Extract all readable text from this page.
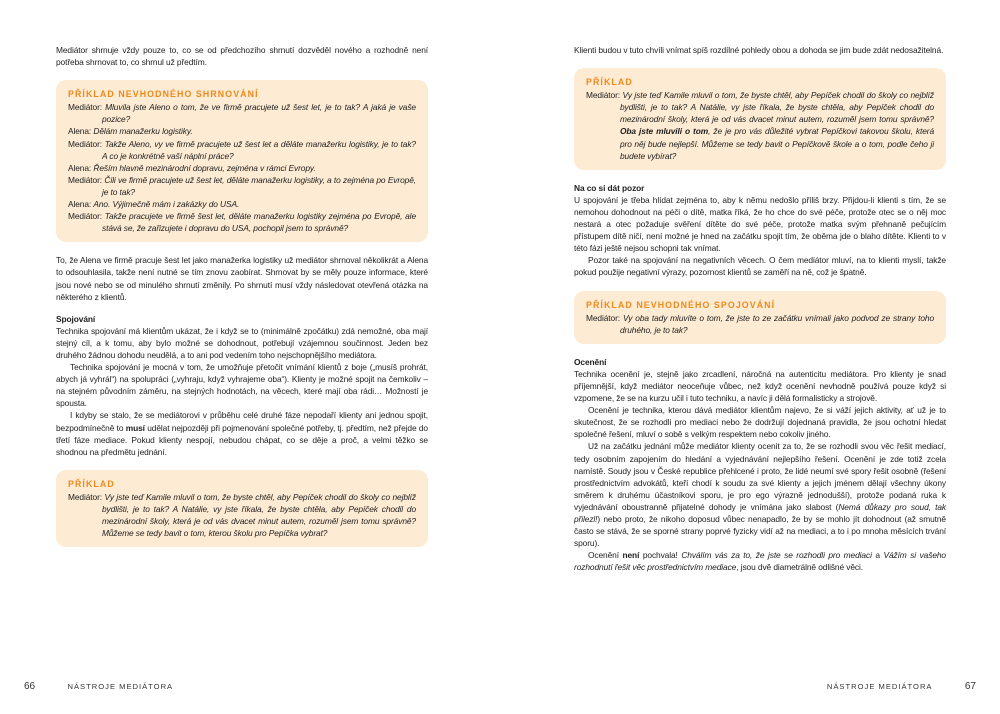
Mediátor shrnuje vždy pouze to, co se od předchozího shrnutí dozvěděl nového a rozhodně není potřeba shrnovat to, co shrnul už předtím.

PŘÍKLAD NEVHODNÉHO SHRNOVÁNÍ
Mediátor: Mluvila jste Aleno o tom, že ve firmě pracujete už šest let, je to tak? A jaká je vaše pozice?
Alena: Dělám manažerku logistiky.
Mediátor: Takže Aleno, vy ve firmě pracujete už šest let a děláte manažerku logistiky, je to tak? A co je konkrétně vaší náplní práce?
Alena: Řeším hlavně mezinárodní dopravu, zejména v rámci Evropy.
Mediátor: Čili ve firmě pracujete už šest let, děláte manažerku logistiky, a to zejména po Evropě, je to tak?
Alena: Ano. Výjimečně mám i zakázky do USA.
Mediátor: Takže pracujete ve firmě šest let, děláte manažerku logistiky zejména po Evropě, ale stává se, že zařizujete i dopravu do USA, pochopil jsem to správně?

To, že Alena ve firmě pracuje šest let jako manažerka logistiky už mediátor shrnoval několikrát a Alena to odsouhlasila, takže není nutné se tím znovu zaobírat. Shrnovat by se měly pouze informace, které jsou nové nebo se od minulého shrnutí změnily. Po shrnutí musí vždy následovat otevřená otázka na některého z klientů.

Spojování

Technika spojování má klientům ukázat, že i když se to (minimálně zpočátku) zdá nemožné, oba mají stejný cíl, a k tomu, aby bylo možné se dohodnout, potřebují vzájemnou součinnost. Jeden bez druhého žádnou dohodu neudělá, a to ani pod vedením toho nejschopnějšího mediátora.

Technika spojování je mocná v tom, že umožňuje přetočit vnímání klientů z boje („musíš prohrát, abych já vyhrál“) na spolupráci („vyhraju, když vyhrajeme oba“). Klienty je možné spojit na čemkoliv – na stejném původním záměru, na stejných hodnotách, na věcech, které mají oba rádi… Možností je spousta.

I kdyby se stalo, že se mediátorovi v průběhu celé druhé fáze nepodaří klienty ani jednou spojit, bezpodmínečně to musí udělat nejpozději při pojmenování společné potřeby, tj. předtím, než přejde do třetí fáze mediace. Pokud klienty nespojí, nebudou chápat, co se děje a proč, a velmi těžko se shodnou na předmětu jednání.

PŘÍKLAD
Mediátor: Vy jste teď Kamile mluvil o tom, že byste chtěl, aby Pepíček chodil do školy co nejblíž bydlišti, je to tak? A Natálie, vy jste říkala, že byste chtěla, aby Pepíček chodil do mezinárodní školy, která je od vás dvacet minut autem, rozuměl jsem tomu správně? Můžeme se tedy bavit o tom, kterou školu pro Pepíčka vybrat?
66	NÁSTROJE MEDIÁTORA

Klienti budou v tuto chvíli vnímat spíš rozdílné pohledy obou a dohoda se jim bude zdát nedosažitelná.

PŘÍKLAD
Mediátor: Vy jste teď Kamile mluvil o tom, že byste chtěl, aby Pepíček chodil do školy co nejblíž bydlišti, je to tak? A Natálie, vy jste říkala, že byste chtěla, aby Pepíček chodil do mezinárodní školy, která je od vás dvacet minut autem, rozuměl jsem tomu správně? Oba jste mluvili o tom, že je pro vás důležité vybrat Pepíčkovi takovou školu, která pro něj bude nejlepší. Můžeme se tedy bavit o Pepíčkově škole a o tom, podle čeho ji budete vybírat?
Na co si dát pozor

U spojování je třeba hlídat zejména to, aby k němu nedošlo příliš brzy. Přijdou-li klienti s tím, že se nemohou dohodnout na péči o dítě, matka říká, že ho chce do své péče, protože otec se o něj moc nestará a otec požaduje svěření dítěte do své péče, protože matka svým přehnaně pečujícím přístupem dítě ničí, není možné je hned na začátku spojit tím, že oběma jde o blaho dítěte. Klienti to v této fázi ještě nejsou schopni tak vnímat.

Pozor také na spojování na negativních věcech. O čem mediátor mluví, na to klienti myslí, takže pokud použije negativní výrazy, pozornost klientů se zaměří na ně, což je špatně.

PŘÍKLAD NEVHODNÉHO SPOJOVÁNÍ
Mediátor: Vy oba tady mluvíte o tom, že jste to ze začátku vnímali jako podvod ze strany toho druhého, je to tak?
Ocenění

Technika ocenění je, stejně jako zrcadlení, náročná na autenticitu mediátora. Pro klienty je snad příjemnější, když mediátor neoceňuje vůbec, než když ocenění nevhodně používá pouze když si vzpomene, že se na kurzu učil i tuto techniku, a navíc ji dělá formalisticky a strojově.

Ocenění je technika, kterou dává mediátor klientům najevo, že si váží jejich aktivity, ať už je to skutečnost, že se rozhodli pro mediaci nebo že dodržují dojednaná pravidla, že jsou ochotní hledat společné řešení, mluví o sobě s velkým respektem nebo cokoliv jiného.

Už na začátku jednání může mediátor klienty ocenit za to, že se rozhodli svou věc řešit mediací, tedy osobním zapojením do hledání a vyjednávání nejlepšího řešení. Ocenění je zde totiž zcela namístě. Soudy jsou v České republice přehlcené i proto, že lidé neumí své spory řešit osobně (řešení prostřednictvím advokátů, kteří chodí k soudu za své klienty a jejich jménem dělají všechny úkony směrem k druhému účastníkovi sporu, je pro ego výrazně jednodušší), protože podaná ruka k vyjednávání oboustranně přijatelné dohody je vnímána jako slabost (Nemá důkazy pro soud, tak přilezl!) nebo proto, že nikoho doposud vůbec nenapadlo, že by se mohlo jít dohodnout (až smutně často se stává, že se sporné strany poprvé fyzicky vidí až na mediaci, a to i po mnoha měsících trvání sporu).

Ocenění není pochvala! Chválím vás za to, že jste se rozhodli pro mediaci a Vážím si vašeho rozhodnutí řešit věc prostřednictvím mediace, jsou dvě diametrálně odlišné věci.

NÁSTROJE MEDIÁTORA	67
